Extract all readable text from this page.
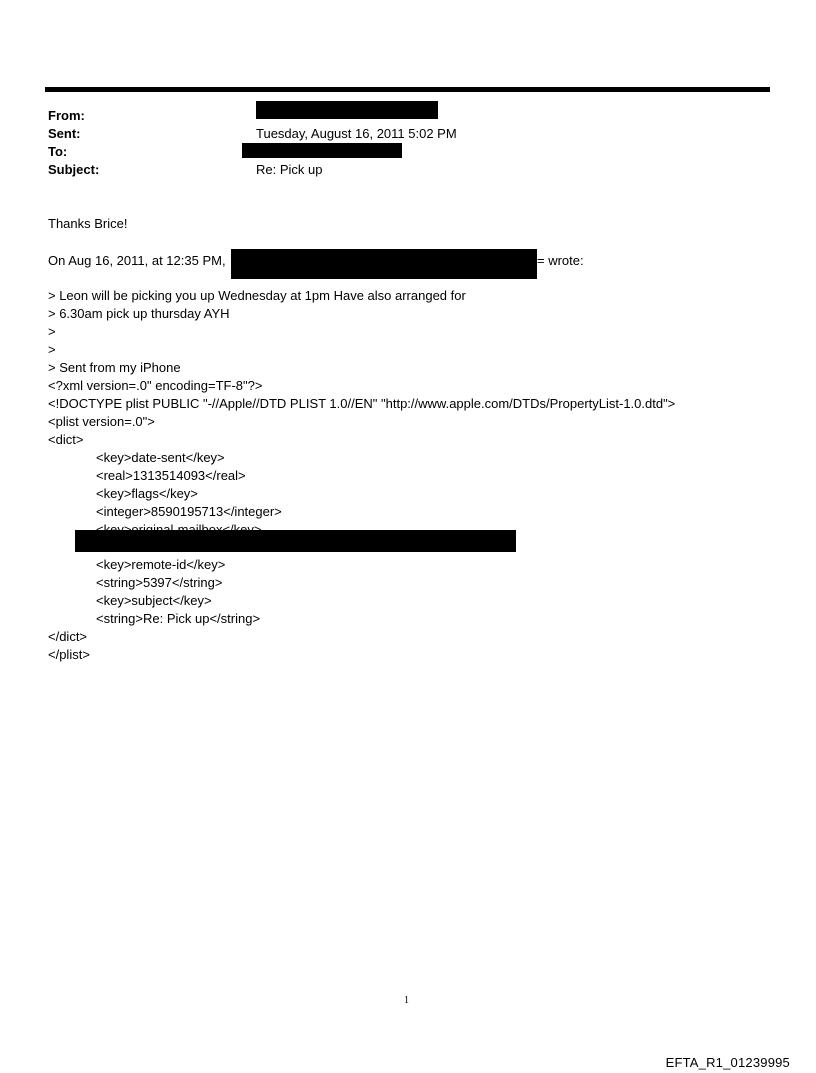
From:
Sent:	Tuesday, August 16, 2011 5:02 PM
To:
Subject:	Re: Pick up
Thanks Brice!
On Aug 16, 2011, at 12:35 PM,	= wrote:
> Leon will be picking you up Wednesday at 1pm Have also arranged for
> 6.30am pick up thursday AYH
>
>
> Sent from my iPhone
<?xml version=.0" encoding=TF-8"?>
<!DOCTYPE plist PUBLIC "-//Apple//DTD PLIST 1.0//EN" "http://www.apple.com/DTDs/PropertyList-1.0.dtd">
<plist version=.0">
<dict>
<key>date-sent</key>
<real>1313514093</real>
<key>flags</key>
<integer>8590195713</integer>
<key>remote-id</key>
<string>5397</string>
<key>subject</key>
<string>Re: Pick up</string>
</dict>
</plist>
1
EFTA_R1_01239995
